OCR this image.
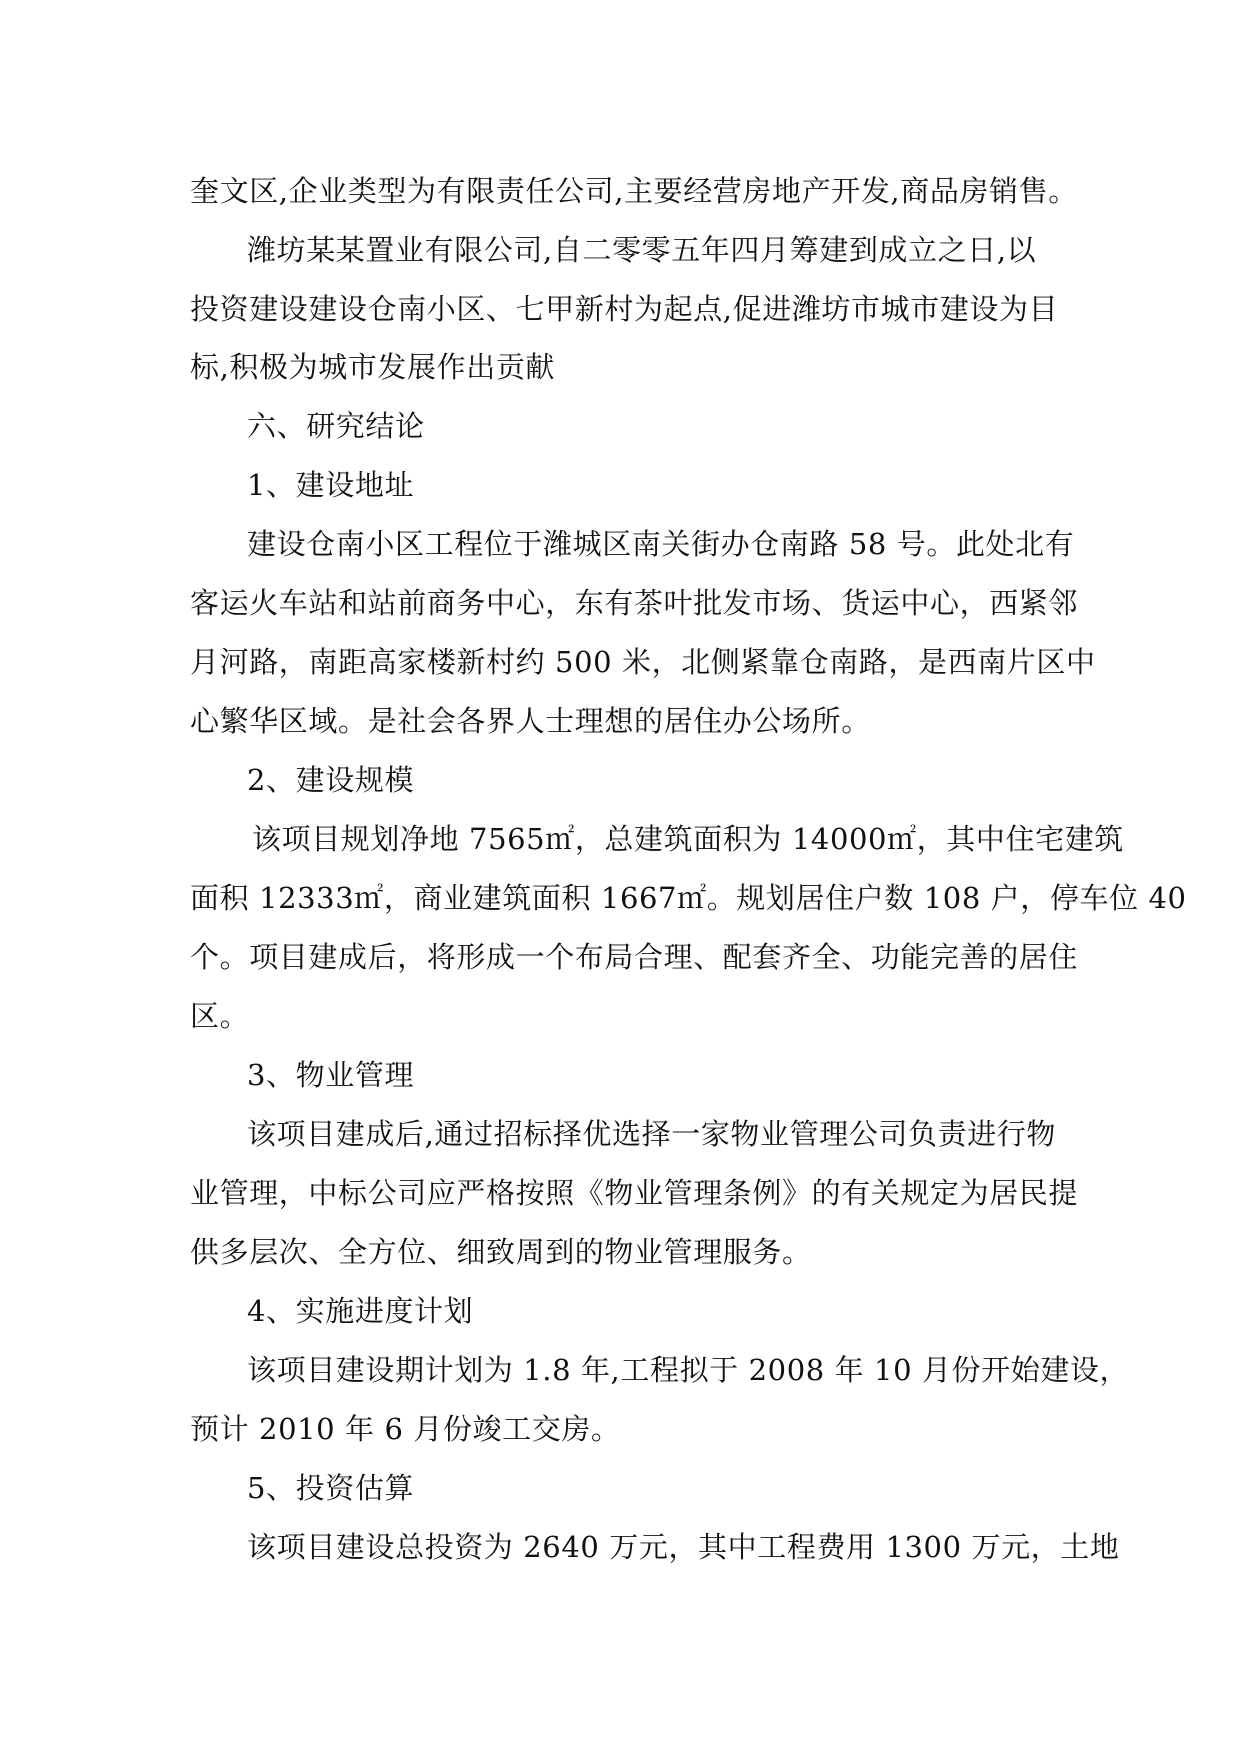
奎文区,企业类型为有限责任公司,主要经营房地产开发,商品房销售。
潍坊某某置业有限公司,自二零零五年四月筹建到成立之日,以
投资建设建设仓南小区、七甲新村为起点,促进潍坊市城市建设为目
标,积极为城市发展作出贡献
六、研究结论
1、建设地址
建设仓南小区工程位于潍城区南关街办仓南路 58 号。此处北有
客运火车站和站前商务中心，东有茶叶批发市场、货运中心，西紧邻
月河路，南距高家楼新村约 500 米，北侧紧靠仓南路，是西南片区中
心繁华区域。是社会各界人士理想的居住办公场所。
2、建设规模
该项目规划净地 7565㎡，总建筑面积为 14000㎡，其中住宅建筑
面积 12333㎡，商业建筑面积 1667㎡。规划居住户数 108 户，停车位 40
个。项目建成后，将形成一个布局合理、配套齐全、功能完善的居住
区。
3、物业管理
该项目建成后,通过招标择优选择一家物业管理公司负责进行物
业管理，中标公司应严格按照《物业管理条例》的有关规定为居民提
供多层次、全方位、细致周到的物业管理服务。
4、实施进度计划
该项目建设期计划为 1.8 年,工程拟于 2008 年 10 月份开始建设，
预计 2010 年 6 月份竣工交房。
5、投资估算
该项目建设总投资为 2640 万元，其中工程费用 1300 万元，土地
